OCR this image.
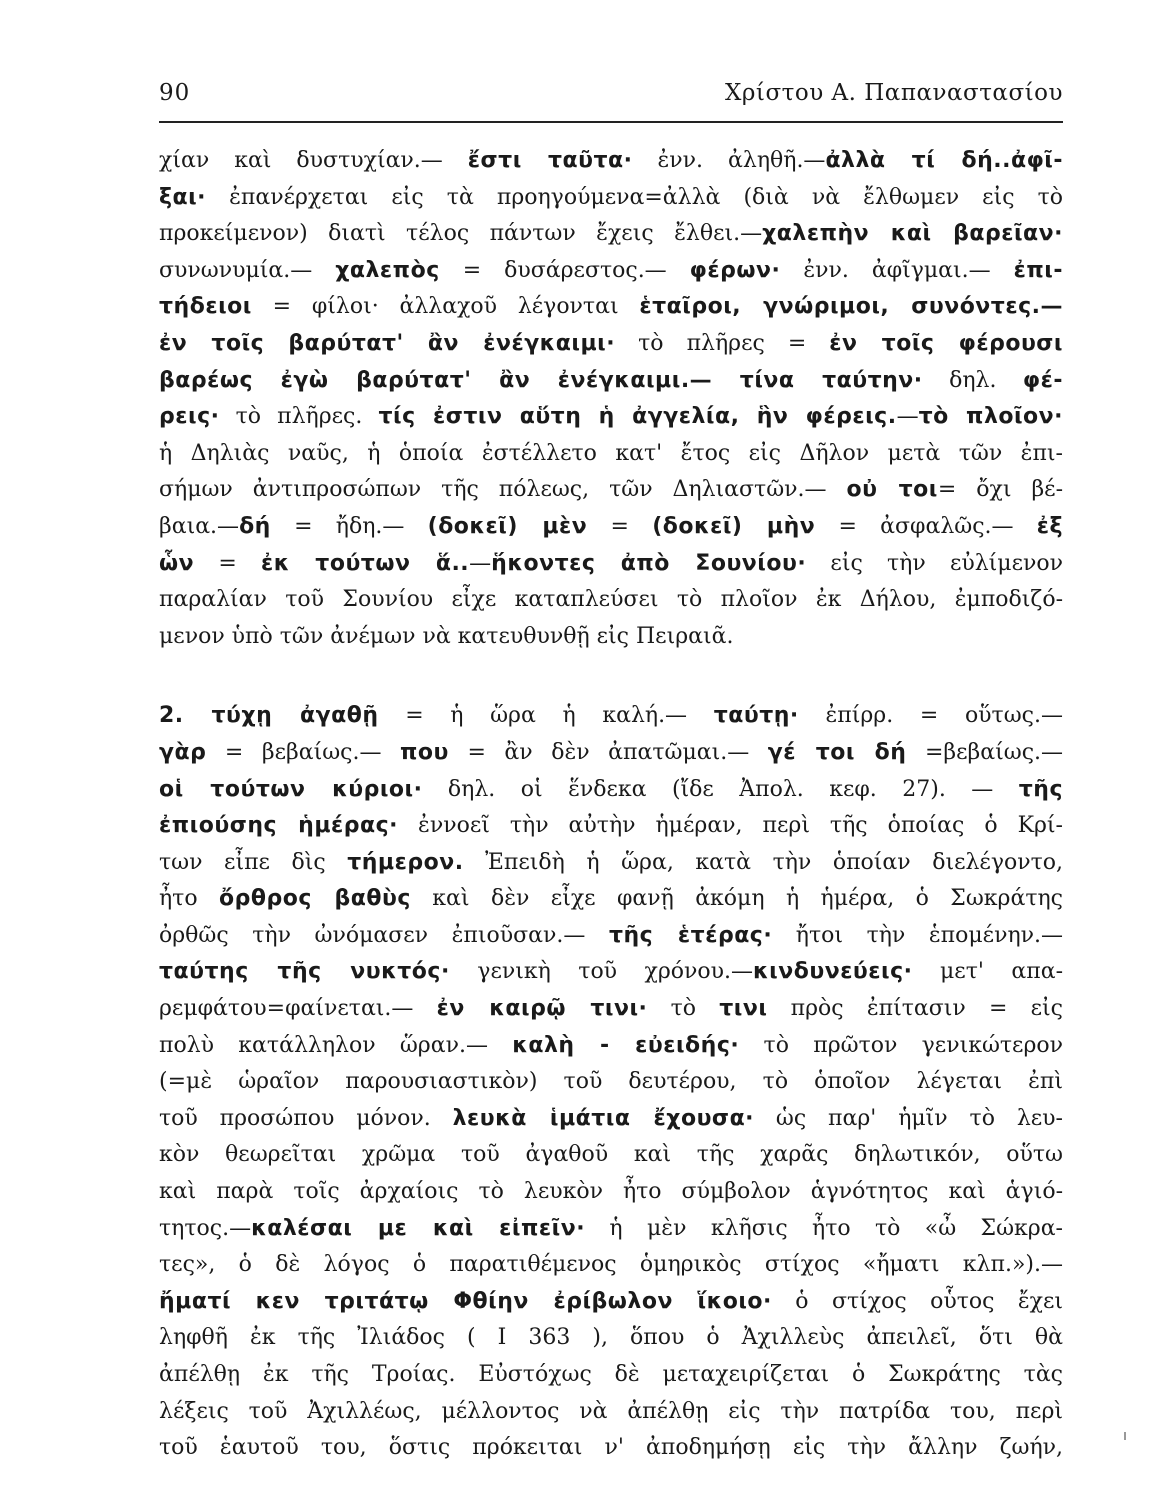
90	Χρίστου Α. Παπαναστασίου
χίαν καὶ δυστυχίαν.— ἔστι ταῦτα· ἐνν. ἀληθῆ.—ἀλλὰ τί δή..ἀφῖ-
ξαι· ἐπανέρχεται εἰς τὰ προηγούμενα=ἀλλὰ (διὰ νὰ ἔλθωμεν εἰς τὸ
προκείμενον) διατὶ τέλος πάντων ἔχεις ἔλθει.—χαλεπὴν καὶ βαρεῖαν·
συνωνυμία.— χαλεπὸς = δυσάρεστος.— φέρων· ἐνν. ἀφῖγμαι.— ἐπι-
τήδειοι = φίλοι· ἀλλαχοῦ λέγονται ἑταῖροι, γνώριμοι, συνόντες.—
ἐν τοῖς βαρύτατ' ἂν ἐνέγκαιμι· τὸ πλῆρες = ἐν τοῖς φέρουσι
βαρέως ἐγὼ βαρύτατ' ἂν ἐνέγκαιμι.— τίνα ταύτην· δηλ. φέ-
ρεις· τὸ πλῆρες. τίς ἐστιν αὕτη ἡ ἀγγελία, ἣν φέρεις.—τὸ πλοῖον·
ἡ Δηλιὰς ναῦς, ἡ ὁποία ἐστέλλετο κατ' ἔτος εἰς Δῆλον μετὰ τῶν ἐπι-
σήμων ἀντιπροσώπων τῆς πόλεως, τῶν Δηλιαστῶν.— οὐ τοι= ὄχι βέ-
βαια.—δή = ἤδη.— (δοκεῖ) μὲν = (δοκεῖ) μὴν = ἀσφαλῶς.— ἐξ
ὧν = ἐκ τούτων ἅ..—ἥκοντες ἀπὸ Σουνίου· εἰς τὴν εὐλίμενον
παραλίαν τοῦ Σουνίου εἶχε καταπλεύσει τὸ πλοῖον ἐκ Δήλου, ἐμποδιζό-
μενον ὑπὸ τῶν ἀνέμων νὰ κατευθυνθῇ εἰς Πειραιᾶ.
2. τύχῃ ἀγαθῇ = ἡ ὥρα ἡ καλή.— ταύτῃ· ἐπίρρ. = οὕτως.—
γὰρ = βεβαίως.— που = ἂν δὲν ἀπατῶμαι.— γέ τοι δή =βεβαίως.—
οἱ τούτων κύριοι· δηλ. οἱ ἕνδεκα (ἴδε Ἀπολ. κεφ. 27). — τῆς
ἐπιούσης ἡμέρας· ἐννοεῖ τὴν αὐτὴν ἡμέραν, περὶ τῆς ὁποίας ὁ Κρί-
των εἶπε δὶς τήμερον. Ἐπειδὴ ἡ ὥρα, κατὰ τὴν ὁποίαν διελέγοντο,
ἦτο ὄρθρος βαθὺς καὶ δὲν εἶχε φανῇ ἀκόμη ἡ ἡμέρα, ὁ Σωκράτης
ὀρθῶς τὴν ὠνόμασεν ἐπιοῦσαν.— τῆς ἑτέρας· ἤτοι τὴν ἑπομένην.—
ταύτης τῆς νυκτός· γενικὴ τοῦ χρόνου.—κινδυνεύεις· μετ' απα-
ρεμφάτου=φαίνεται.— ἐν καιρῷ τινι· τὸ τινι πρὸς ἐπίτασιν = εἰς
πολὺ κατάλληλον ὥραν.— καλὴ - εὐειδής· τὸ πρῶτον γενικώτερον
(=μὲ ὡραῖον παρουσιαστικὸν) τοῦ δευτέρου, τὸ ὁποῖον λέγεται ἐπὶ
τοῦ προσώπου μόνον. λευκὰ ἱμάτια ἔχουσα· ὡς παρ' ἡμῖν τὸ λευ-
κὸν θεωρεῖται χρῶμα τοῦ ἀγαθοῦ καὶ τῆς χαρᾶς δηλωτικόν, οὕτω
καὶ παρὰ τοῖς ἀρχαίοις τὸ λευκὸν ἦτο σύμβολον ἁγνότητος καὶ ἁγιό-
τητος.—καλέσαι με καὶ εἰπεῖν· ἡ μὲν κλῆσις ἦτο τὸ «ὦ Σώκρα-
τες», ὁ δὲ λόγος ὁ παρατιθέμενος ὁμηρικὸς στίχος «ἤματι κλπ.»).—
ἤματί κεν τριτάτῳ Φθίην ἐρίβωλον ἵκοιο· ὁ στίχος οὗτος ἔχει
ληφθῆ ἐκ τῆς Ἰλιάδος ( I 363 ), ὅπου ὁ Ἀχιλλεὺς ἀπειλεῖ, ὅτι θὰ
ἀπέλθῃ ἐκ τῆς Τροίας. Εὐστόχως δὲ μεταχειρίζεται ὁ Σωκράτης τὰς
λέξεις τοῦ Ἀχιλλέως, μέλλοντος νὰ ἀπέλθῃ εἰς τὴν πατρίδα του, περὶ
τοῦ ἑαυτοῦ του, ὅστις πρόκειται ν' ἀποδημήσῃ εἰς τὴν ἄλλην ζωήν,
